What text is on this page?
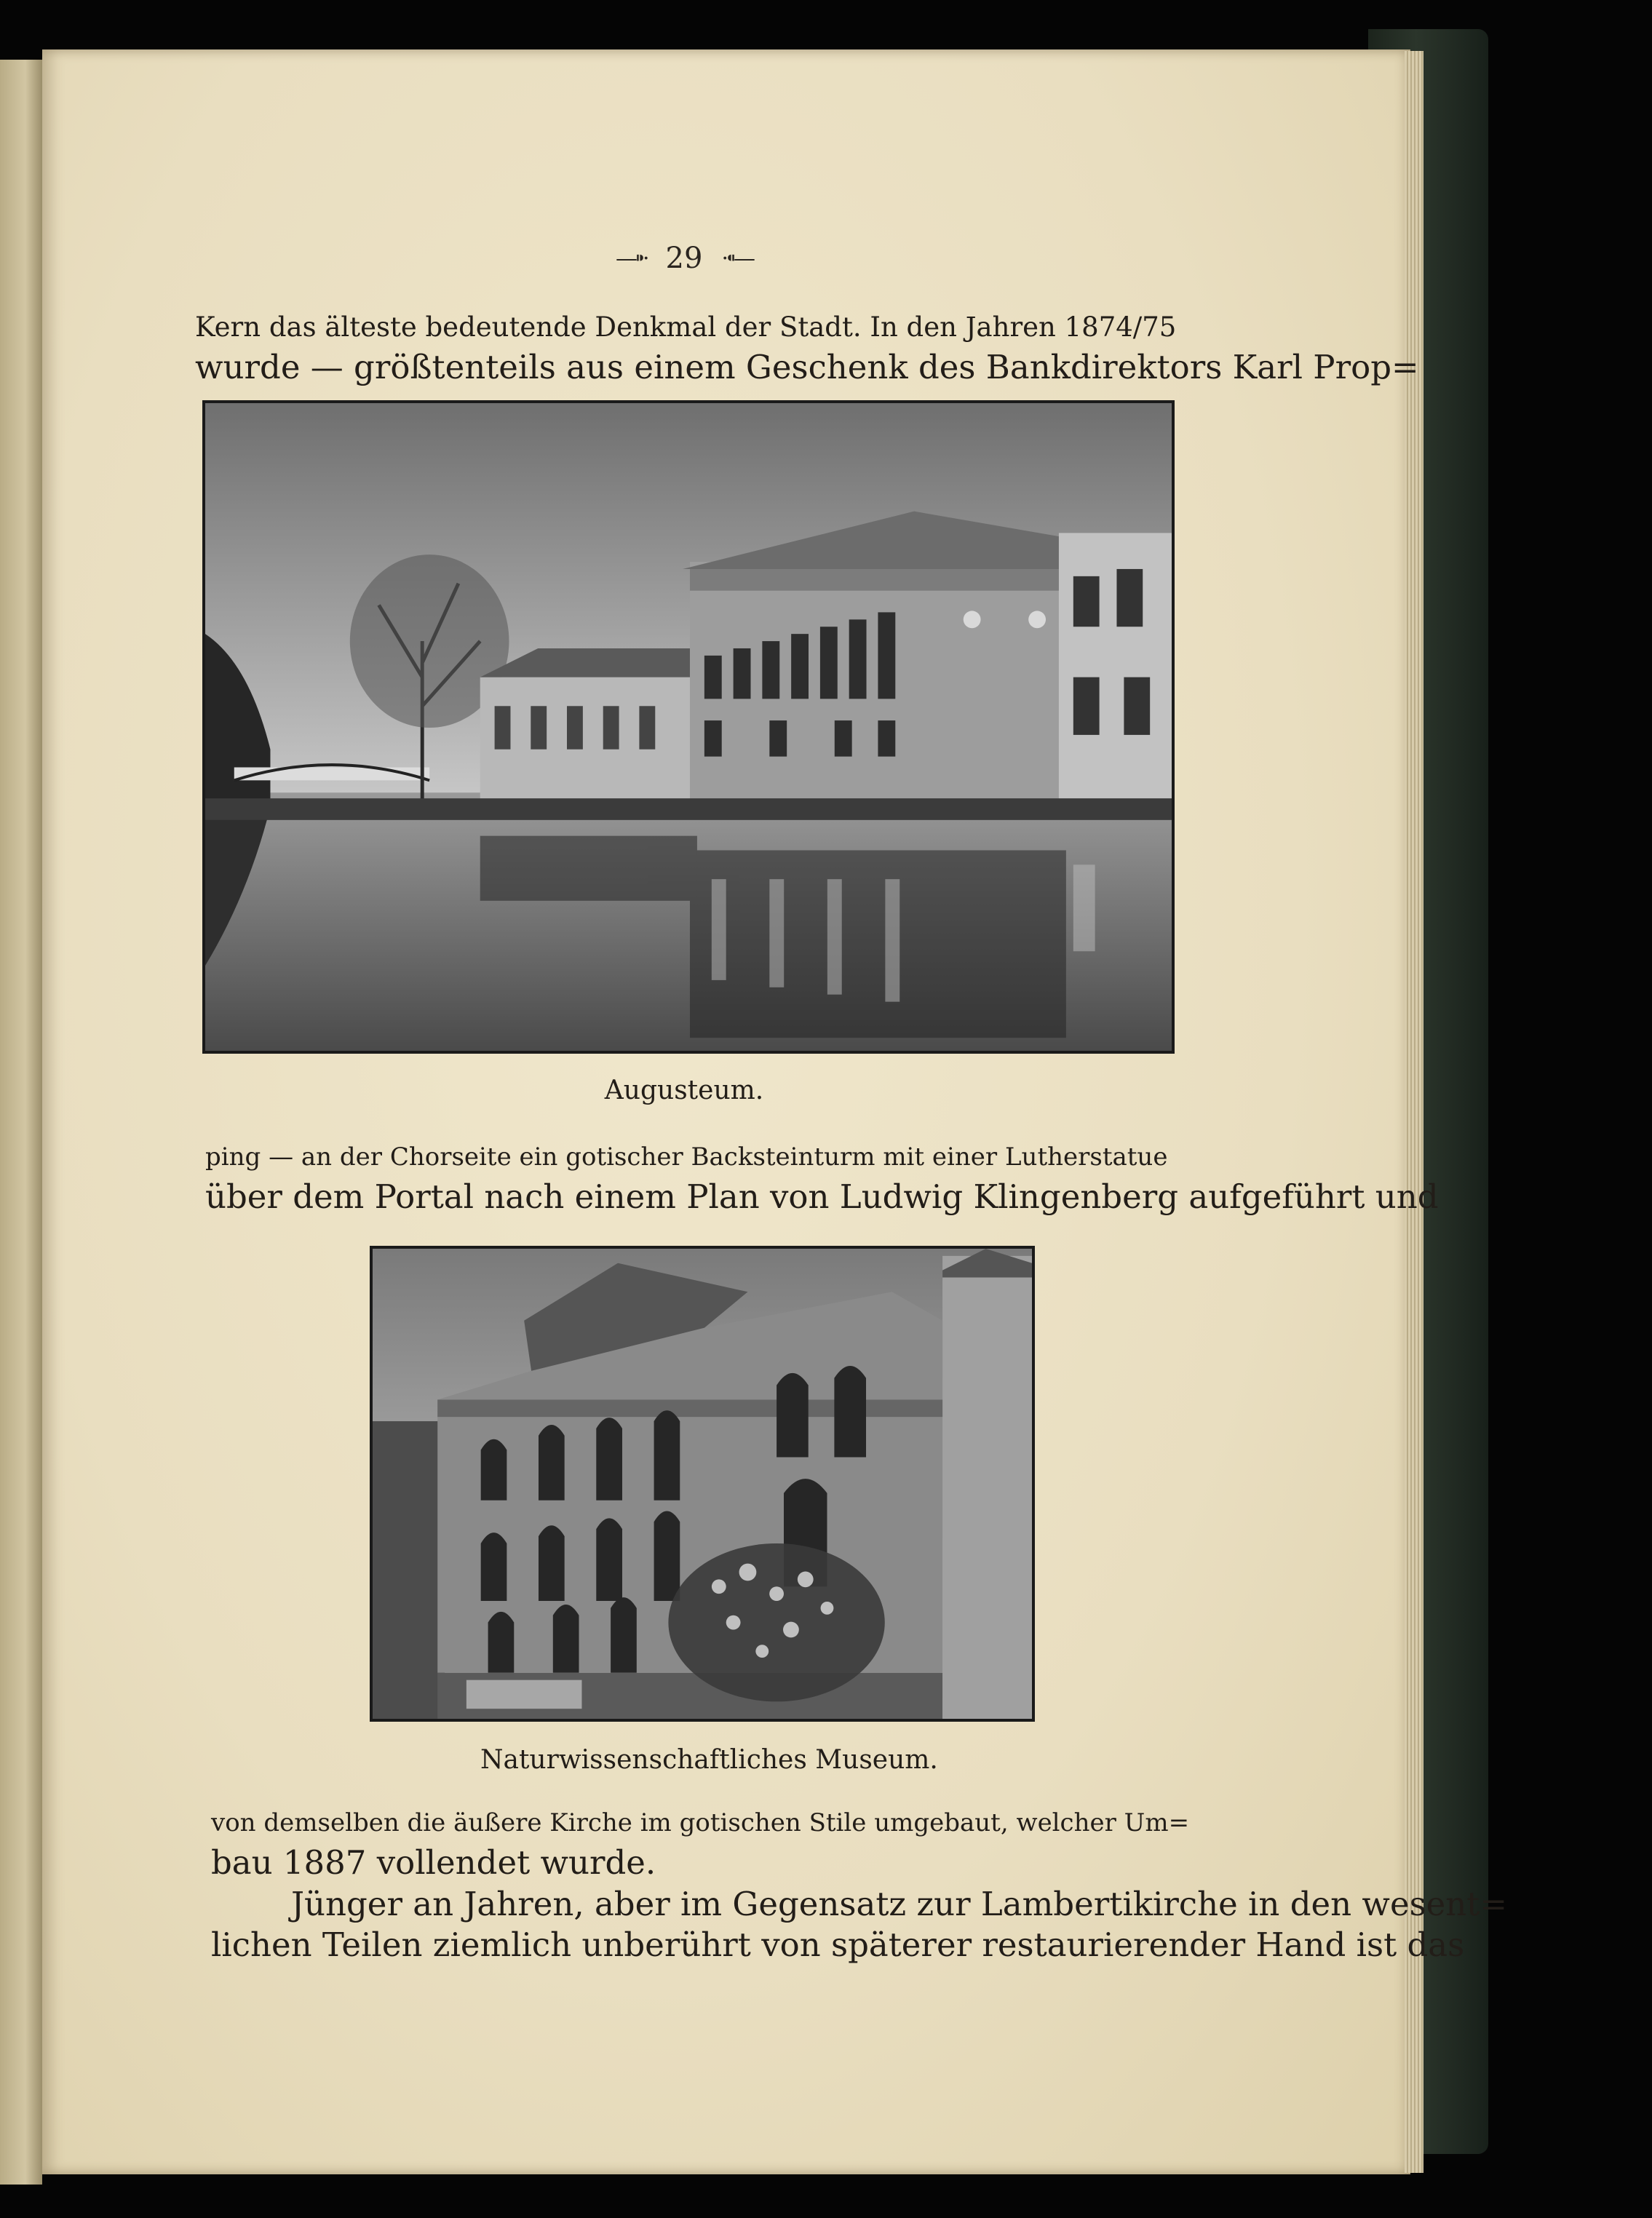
—⁍· 29 ·⁌—
Kern das älteste bedeutende Denkmal der Stadt. In den Jahren 1874/75
wurde — größtenteils aus einem Geschenk des Bankdirektors Karl Prop=
Augusteum.
ping — an der Chorseite ein gotischer Backsteinturm mit einer Lutherstatue
über dem Portal nach einem Plan von Ludwig Klingenberg aufgeführt und
Naturwissenschaftliches Museum.
von demselben die äußere Kirche im gotischen Stile umgebaut, welcher Um=
bau 1887 vollendet wurde.
Jünger an Jahren, aber im Gegensatz zur Lambertikirche in den wesent=
lichen Teilen ziemlich unberührt von späterer restaurierender Hand ist das
